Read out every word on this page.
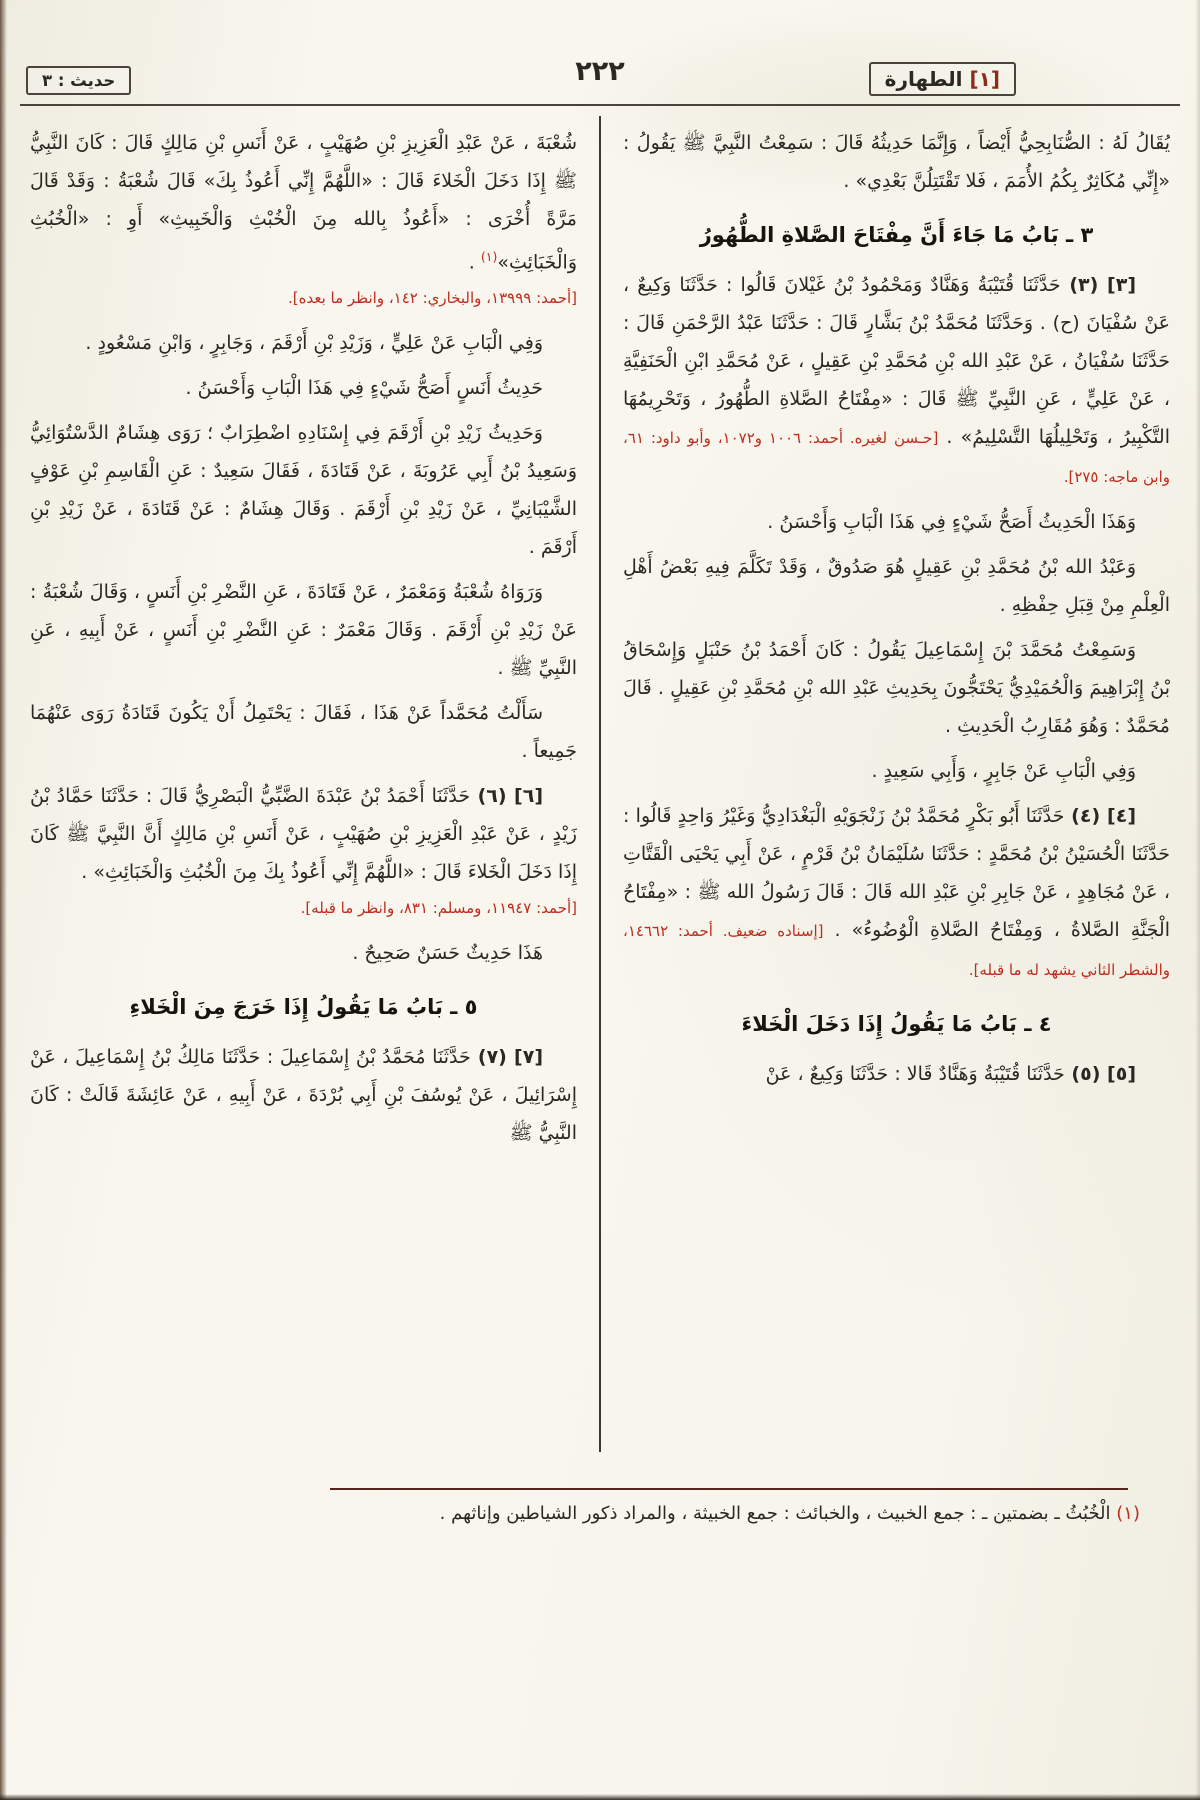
[١] الطهارة
٢٢٢
حديث : ٣

يُقَالُ لَهُ : الصُّنَابِحِيُّ أَيْضاً ، وَإِنَّمَا حَدِيثُهُ قَالَ : سَمِعْتُ النَّبِيَّ ﷺ يَقُولُ : «إِنِّي مُكَاثِرٌ بِكُمُ الأُمَمَ ، فَلا تَقْتَتِلُنَّ بَعْدِي» .

٣ ـ بَابُ مَا جَاءَ أَنَّ مِفْتَاحَ الصَّلاةِ الطُّهُورُ

[٣] (٣) حَدَّثَنَا قُتَيْبَةُ وَهَنَّادٌ وَمَحْمُودُ بْنُ غَيْلانَ قَالُوا : حَدَّثَنَا وَكِيعٌ ، عَنْ سُفْيَانَ (ح) . وَحَدَّثَنَا مُحَمَّدُ بْنُ بَشَّارٍ قَالَ : حَدَّثَنَا عَبْدُ الرَّحْمَنِ قَالَ : حَدَّثَنَا سُفْيَانُ ، عَنْ عَبْدِ الله بْنِ مُحَمَّدِ بْنِ عَقِيلٍ ، عَنْ مُحَمَّدِ ابْنِ الْحَنَفِيَّةِ ، عَنْ عَلِيٍّ ، عَنِ النَّبِيِّ ﷺ قَالَ : «مِفْتَاحُ الصَّلاةِ الطُّهُورُ ، وَتَحْرِيمُهَا التَّكْبِيرُ ، وَتَحْلِيلُهَا التَّسْلِيمُ» . [حـسن لغيره. أحمد: ١٠٠٦ و١٠٧٢، وأبو داود: ٦١، وابن ماجه: ٢٧٥].

وَهَذَا الْحَدِيثُ أَصَحُّ شَيْءٍ فِي هَذَا الْبَابِ وَأَحْسَنُ .

وَعَبْدُ الله بْنُ مُحَمَّدِ بْنِ عَقِيلٍ هُوَ صَدُوقٌ ، وَقَدْ تَكَلَّمَ فِيهِ بَعْضُ أَهْلِ الْعِلْمِ مِنْ قِبَلِ حِفْظِهِ .

وَسَمِعْتُ مُحَمَّدَ بْنَ إِسْمَاعِيلَ يَقُولُ : كَانَ أَحْمَدُ بْنُ حَنْبَلٍ وَإِسْحَاقُ بْنُ إِبْرَاهِيمَ وَالْحُمَيْدِيُّ يَحْتَجُّونَ بِحَدِيثِ عَبْدِ الله بْنِ مُحَمَّدِ بْنِ عَقِيلٍ . قَالَ مُحَمَّدٌ : وَهُوَ مُقَارِبُ الْحَدِيثِ .

وَفِي الْبَابِ عَنْ جَابِرٍ ، وَأَبِي سَعِيدٍ .

[٤] (٤) حَدَّثَنَا أَبُو بَكْرٍ مُحَمَّدُ بْنُ زَنْجَوَيْهِ الْبَغْدَادِيُّ وَغَيْرُ وَاحِدٍ قَالُوا : حَدَّثَنَا الْحُسَيْنُ بْنُ مُحَمَّدٍ : حَدَّثَنَا سُلَيْمَانُ بْنُ قَرْمٍ ، عَنْ أَبِي يَحْيَى الْقَتَّاتِ ، عَنْ مُجَاهِدٍ ، عَنْ جَابِرِ بْنِ عَبْدِ الله قَالَ : قَالَ رَسُولُ الله ﷺ : «مِفْتَاحُ الْجَنَّةِ الصَّلاةُ ، وَمِفْتَاحُ الصَّلاةِ الْوُضُوءُ» . [إسناده ضعيف. أحمد: ١٤٦٦٢، والشطر الثاني يشهد له ما قبله].

٤ ـ بَابُ مَا يَقُولُ إِذَا دَخَلَ الْخَلاءَ

[٥] (٥) حَدَّثَنَا قُتَيْبَةُ وَهَنَّادٌ قَالا : حَدَّثَنَا وَكِيعٌ ، عَنْ

شُعْبَةَ ، عَنْ عَبْدِ الْعَزِيزِ بْنِ صُهَيْبٍ ، عَنْ أَنَسِ بْنِ مَالِكٍ قَالَ : كَانَ النَّبِيُّ ﷺ إِذَا دَخَلَ الْخَلاءَ قَالَ : «اللَّهُمَّ إِنِّي أَعُوذُ بِكَ» قَالَ شُعْبَةُ : وَقَدْ قَالَ مَرَّةً أُخْرَى : «أَعُوذُ بِالله مِنَ الْخُبْثِ وَالْخَبِيثِ» أَوِ : «الْخُبُثِ وَالْخَبَائِثِ»$^{(١)}$ .

[أحمد: ١٣٩٩٩، والبخاري: ١٤٢، وانظر ما بعده].

وَفِي الْبَابِ عَنْ عَلِيٍّ ، وَزَيْدِ بْنِ أَرْقَمَ ، وَجَابِرٍ ، وَابْنِ مَسْعُودٍ .

حَدِيثُ أَنَسٍ أَصَحُّ شَيْءٍ فِي هَذَا الْبَابِ وَأَحْسَنُ .

وَحَدِيثُ زَيْدِ بْنِ أَرْقَمَ فِي إِسْنَادِهِ اضْطِرَابٌ ؛ رَوَى هِشَامٌ الدَّسْتُوَائِيُّ وَسَعِيدُ بْنُ أَبِي عَرُوبَةَ ، عَنْ قَتَادَةَ ، فَقَالَ سَعِيدٌ : عَنِ الْقَاسِمِ بْنِ عَوْفٍ الشَّيْبَانِيِّ ، عَنْ زَيْدِ بْنِ أَرْقَمَ . وَقَالَ هِشَامٌ : عَنْ قَتَادَةَ ، عَنْ زَيْدِ بْنِ أَرْقَمَ .

وَرَوَاهُ شُعْبَةُ وَمَعْمَرٌ ، عَنْ قَتَادَةَ ، عَنِ النَّضْرِ بْنِ أَنَسٍ ، وَقَالَ شُعْبَةُ : عَنْ زَيْدِ بْنِ أَرْقَمَ . وَقَالَ مَعْمَرٌ : عَنِ النَّضْرِ بْنِ أَنَسٍ ، عَنْ أَبِيهِ ، عَنِ النَّبِيِّ ﷺ .

سَأَلْتُ مُحَمَّداً عَنْ هَذَا ، فَقَالَ : يَحْتَمِلُ أَنْ يَكُونَ قَتَادَةُ رَوَى عَنْهُمَا جَمِيعاً .

[٦] (٦) حَدَّثَنَا أَحْمَدُ بْنُ عَبْدَةَ الضَّبِّيُّ الْبَصْرِيُّ قَالَ : حَدَّثَنَا حَمَّادُ بْنُ زَيْدٍ ، عَنْ عَبْدِ الْعَزِيزِ بْنِ صُهَيْبٍ ، عَنْ أَنَسِ بْنِ مَالِكٍ أَنَّ النَّبِيَّ ﷺ كَانَ إِذَا دَخَلَ الْخَلاءَ قَالَ : «اللَّهُمَّ إِنِّي أَعُوذُ بِكَ مِنَ الْخُبُثِ وَالْخَبَائِثِ» .

[أحمد: ١١٩٤٧، ومسلم: ٨٣١، وانظر ما قبله].

هَذَا حَدِيثٌ حَسَنٌ صَحِيحٌ .

٥ ـ بَابُ مَا يَقُولُ إِذَا خَرَجَ مِنَ الْخَلاءِ

[٧] (٧) حَدَّثَنَا مُحَمَّدُ بْنُ إِسْمَاعِيلَ : حَدَّثَنَا مَالِكُ بْنُ إِسْمَاعِيلَ ، عَنْ إِسْرَائِيلَ ، عَنْ يُوسُفَ بْنِ أَبِي بُرْدَةَ ، عَنْ أَبِيهِ ، عَنْ عَائِشَةَ قَالَتْ : كَانَ النَّبِيُّ ﷺ

(١) الْخُبُثُ ـ بضمتين ـ : جمع الخبيث ، والخبائث : جمع الخبيثة ، والمراد ذكور الشياطين وإناثهم .
